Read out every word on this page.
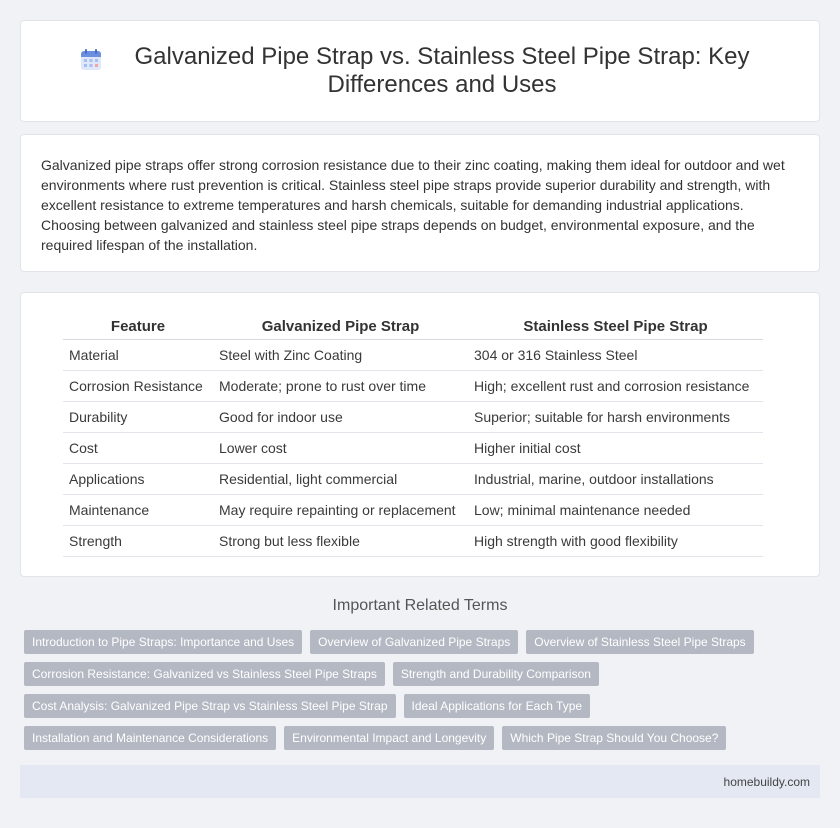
Galvanized Pipe Strap vs. Stainless Steel Pipe Strap: Key Differences and Uses

Galvanized pipe straps offer strong corrosion resistance due to their zinc coating, making them ideal for outdoor and wet environments where rust prevention is critical. Stainless steel pipe straps provide superior durability and strength, with excellent resistance to extreme temperatures and harsh chemicals, suitable for demanding industrial applications. Choosing between galvanized and stainless steel pipe straps depends on budget, environmental exposure, and the required lifespan of the installation.

Feature	Galvanized Pipe Strap	Stainless Steel Pipe Strap
Material	Steel with Zinc Coating	304 or 316 Stainless Steel
Corrosion Resistance	Moderate; prone to rust over time	High; excellent rust and corrosion resistance
Durability	Good for indoor use	Superior; suitable for harsh environments
Cost	Lower cost	Higher initial cost
Applications	Residential, light commercial	Industrial, marine, outdoor installations
Maintenance	May require repainting or replacement	Low; minimal maintenance needed
Strength	Strong but less flexible	High strength with good flexibility
Important Related Terms
Introduction to Pipe Straps: Importance and Uses	Overview of Galvanized Pipe Straps	Overview of Stainless Steel Pipe Straps
Corrosion Resistance: Galvanized vs Stainless Steel Pipe Straps	Strength and Durability Comparison
Cost Analysis: Galvanized Pipe Strap vs Stainless Steel Pipe Strap	Ideal Applications for Each Type
Installation and Maintenance Considerations	Environmental Impact and Longevity	Which Pipe Strap Should You Choose?
homebuildy.com
